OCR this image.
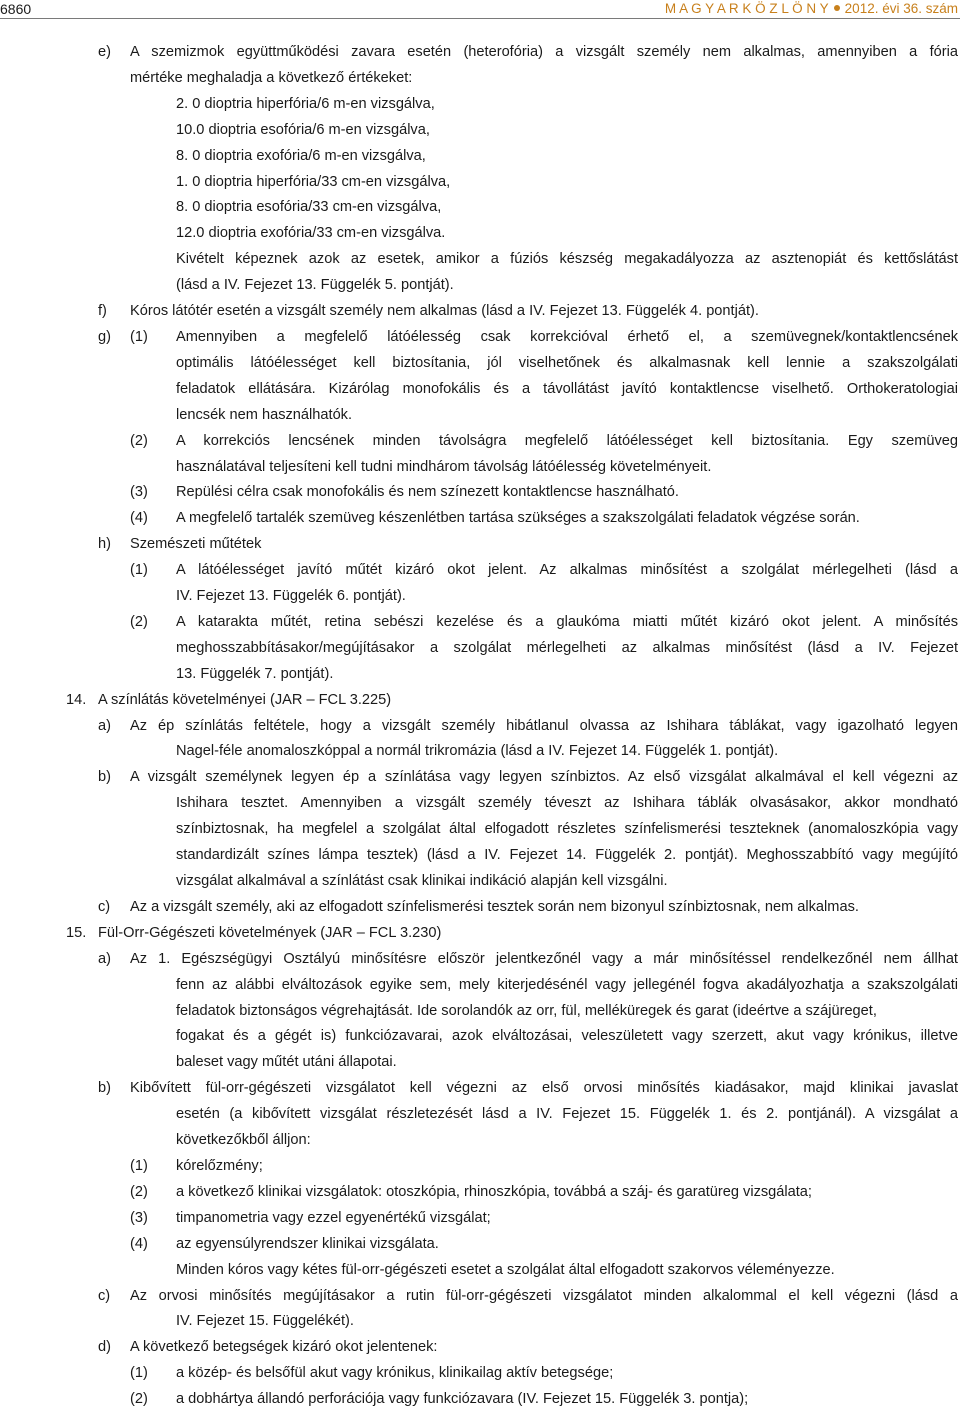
6860	M A G Y A R K Ö Z L Ö N Y 2012. évi 36. szám
e)	A szemizmok együttműködési zavara esetén (heterofória) a vizsgált személy nem alkalmas, amennyiben a fória
mértéke meghaladja a következő értékeket:
2. 0 dioptria hiperfória/6 m-en vizsgálva,
10.0 dioptria esofória/6 m-en vizsgálva,
8. 0 dioptria exofória/6 m-en vizsgálva,
1. 0 dioptria hiperfória/33 cm-en vizsgálva,
8. 0 dioptria esofória/33 cm-en vizsgálva,
12.0 dioptria exofória/33 cm-en vizsgálva.
Kivételt képeznek azok az esetek, amikor a fúziós készség megakadályozza az asztenopiát és kettőslátást
(lásd a IV. Fejezet 13. Függelék 5. pontját).
f)	Kóros látótér esetén a vizsgált személy nem alkalmas (lásd a IV. Fejezet 13. Függelék 4. pontját).
g)	(1)	Amennyiben a megfelelő látóélesség csak korrekcióval érhető el, a szemüvegnek/kontaktlencsének
optimális látóélességet kell biztosítania, jól viselhetőnek és alkalmasnak kell lennie a szakszolgálati
feladatok ellátására. Kizárólag monofokális és a távollátást javító kontaktlencse viselhető. Orthokeratologiai
lencsék nem használhatók.
(2)	A korrekciós lencsének minden távolságra megfelelő látóélességet kell biztosítania. Egy szemüveg
használatával teljesíteni kell tudni mindhárom távolság látóélesség követelményeit.
(3)	Repülési célra csak monofokális és nem színezett kontaktlencse használható.
(4)	A megfelelő tartalék szemüveg készenlétben tartása szükséges a szakszolgálati feladatok végzése során.
h)	Szemészeti műtétek
(1)	A látóélességet javító műtét kizáró okot jelent. Az alkalmas minősítést a szolgálat mérlegelheti (lásd a
IV. Fejezet 13. Függelék 6. pontját).
(2)	A katarakta műtét, retina sebészi kezelése és a glaukóma miatti műtét kizáró okot jelent. A minősítés
meghosszabbításakor/megújításakor a szolgálat mérlegelheti az alkalmas minősítést (lásd a IV. Fejezet
13. Függelék 7. pontját).
14. A színlátás követelményei (JAR – FCL 3.225)
a)	Az ép színlátás feltétele, hogy a vizsgált személy hibátlanul olvassa az Ishihara táblákat, vagy igazolható legyen
Nagel-féle anomaloszkóppal a normál trikromázia (lásd a IV. Fejezet 14. Függelék 1. pontját).
b)	A vizsgált személynek legyen ép a színlátása vagy legyen színbiztos. Az első vizsgálat alkalmával el kell végezni az
Ishihara tesztet. Amennyiben a vizsgált személy téveszt az Ishihara táblák olvasásakor, akkor mondható
színbiztosnak, ha megfelel a szolgálat által elfogadott részletes színfelismerési teszteknek (anomaloszkópia vagy
standardizált színes lámpa tesztek) (lásd a IV. Fejezet 14. Függelék 2. pontját). Meghosszabbító vagy megújító
vizsgálat alkalmával a színlátást csak klinikai indikáció alapján kell vizsgálni.
c)	Az a vizsgált személy, aki az elfogadott színfelismerési tesztek során nem bizonyul színbiztosnak, nem alkalmas.
15. Fül-Orr-Gégészeti követelmények (JAR – FCL 3.230)
a)	Az 1. Egészségügyi Osztályú minősítésre először jelentkezőnél vagy a már minősítéssel rendelkezőnél nem állhat
fenn az alábbi elváltozások egyike sem, mely kiterjedésénél vagy jellegénél fogva akadályozhatja a szakszolgálati
feladatok biztonságos végrehajtását. Ide sorolandók az orr, fül, melléküregek és garat (ideértve a szájüreget,
fogakat és a gégét is) funkciózavarai, azok elváltozásai, veleszületett vagy szerzett, akut vagy krónikus, illetve
baleset vagy műtét utáni állapotai.
b)	Kibővített fül-orr-gégészeti vizsgálatot kell végezni az első orvosi minősítés kiadásakor, majd klinikai javaslat
esetén (a kibővített vizsgálat részletezését lásd a IV. Fejezet 15. Függelék 1. és 2. pontjánál). A vizsgálat a
következőkből álljon:
(1)	kórelőzmény;
(2)	a következő klinikai vizsgálatok: otoszkópia, rhinoszkópia, továbbá a száj- és garatüreg vizsgálata;
(3)	timpanometria vagy ezzel egyenértékű vizsgálat;
(4)	az egyensúlyrendszer klinikai vizsgálata.
Minden kóros vagy kétes fül-orr-gégészeti esetet a szolgálat által elfogadott szakorvos véleményezze.
c)	Az orvosi minősítés megújításakor a rutin fül-orr-gégészeti vizsgálatot minden alkalommal el kell végezni (lásd a
IV. Fejezet 15. Függelékét).
d)	A következő betegségek kizáró okot jelentenek:
(1)	a közép- és belsőfül akut vagy krónikus, klinikailag aktív betegsége;
(2)	a dobhártya állandó perforációja vagy funkciózavara (IV. Fejezet 15. Függelék 3. pontja);
